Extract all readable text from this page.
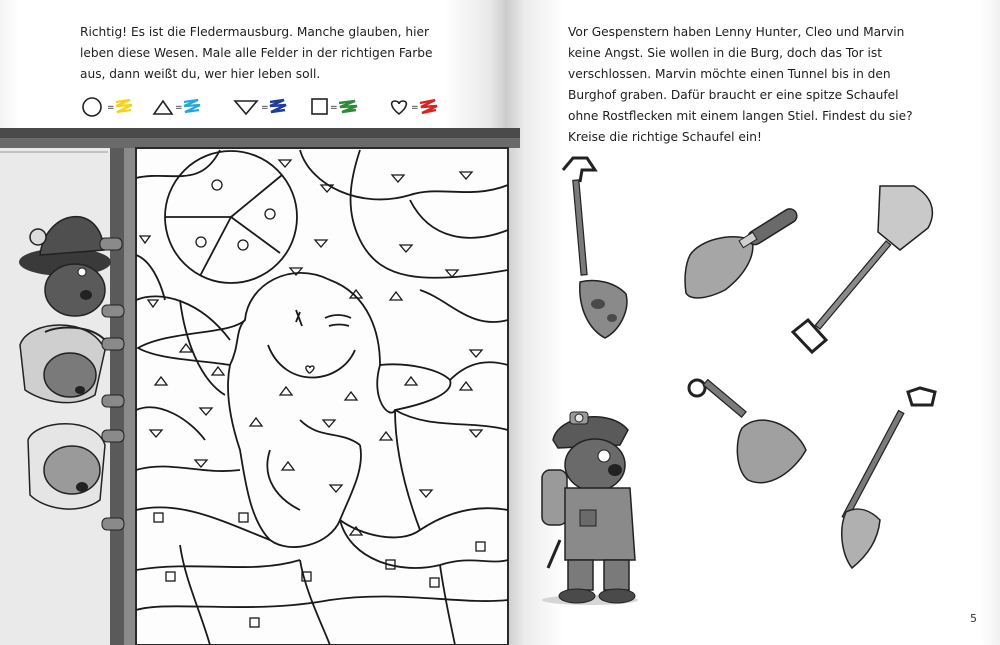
Richtig! Es ist die Fledermausburg. Manche glauben, hier leben diese Wesen. Male alle Felder in der richtigen Farbe aus, dann weißt du, wer hier leben soll.
Vor Gespenstern haben Lenny Hunter, Cleo und Marvin keine Angst. Sie wollen in die Burg, doch das Tor ist verschlossen. Marvin möchte einen Tunnel bis in den Burghof graben. Dafür braucht er eine spitze Schaufel ohne Rostflecken mit einem langen Stiel. Findest du sie? Kreise die richtige Schaufel ein!
5
=	=	=	=	=
